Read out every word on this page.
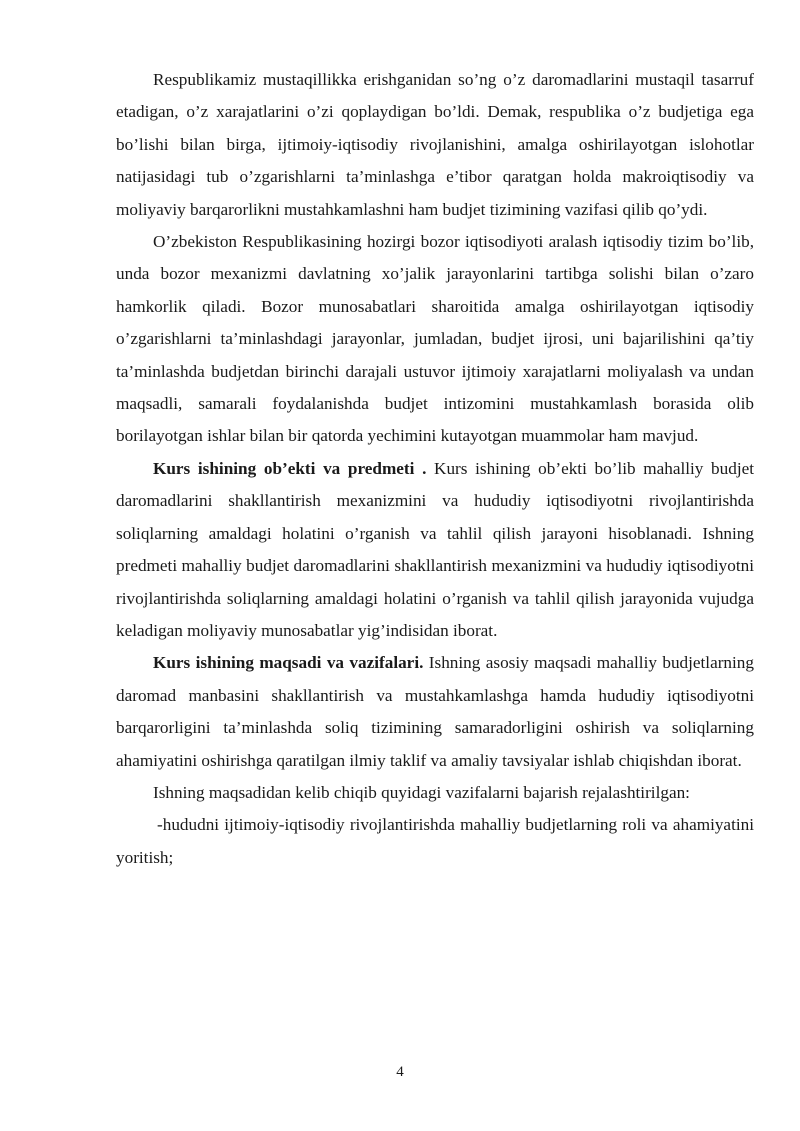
Respublikamiz mustaqillikka erishganidan so’ng o’z daromadlarini mustaqil tasarruf etadigan, o’z xarajatlarini o’zi qoplaydigan bo’ldi. Demak, respublika o’z budjetiga ega bo’lishi bilan birga, ijtimoiy-iqtisodiy rivojlanishini, amalga oshirilayotgan islohotlar natijasidagi tub o’zgarishlarni ta’minlashga e’tibor qaratgan holda makroiqtisodiy va moliyaviy barqarorlikni mustahkamlashni ham budjet tizimining vazifasi qilib qo’ydi.

O’zbekiston Respublikasining hozirgi bozor iqtisodiyoti aralash iqtisodiy tizim bo’lib, unda bozor mexanizmi davlatning xo’jalik jarayonlarini tartibga solishi bilan o’zaro hamkorlik qiladi. Bozor munosabatlari sharoitida amalga oshirilayotgan iqtisodiy o’zgarishlarni ta’minlashdagi jarayonlar, jumladan, budjet ijrosi, uni bajarilishini qa’tiy ta’minlashda budjetdan birinchi darajali ustuvor ijtimoiy xarajatlarni moliyalash va undan maqsadli, samarali foydalanishda budjet intizomini mustahkamlash borasida olib borilayotgan ishlar bilan bir qatorda yechimini kutayotgan muammolar ham mavjud.

Kurs ishining ob’ekti va predmeti . Kurs ishining ob’ekti bo’lib mahalliy budjet daromadlarini shakllantirish mexanizmini va hududiy iqtisodiyotni rivojlantirishda soliqlarning amaldagi holatini o’rganish va tahlil qilish jarayoni hisoblanadi. Ishning predmeti mahalliy budjet daromadlarini shakllantirish mexanizmini va hududiy iqtisodiyotni rivojlantirishda soliqlarning amaldagi holatini o’rganish va tahlil qilish jarayonida vujudga keladigan moliyaviy munosabatlar yig’indisidan iborat.

Kurs ishining maqsadi va vazifalari. Ishning asosiy maqsadi mahalliy budjetlarning daromad manbasini shakllantirish va mustahkamlashga hamda hududiy iqtisodiyotni barqarorligini ta’minlashda soliq tizimining samaradorligini oshirish va soliqlarning ahamiyatini oshirishga qaratilgan ilmiy taklif va amaliy tavsiyalar ishlab chiqishdan iborat.

Ishning maqsadidan kelib chiqib quyidagi vazifalarni bajarish rejalashtirilgan:

-hududni ijtimoiy-iqtisodiy rivojlantirishda mahalliy budjetlarning roli va ahamiyatini yoritish;

4
